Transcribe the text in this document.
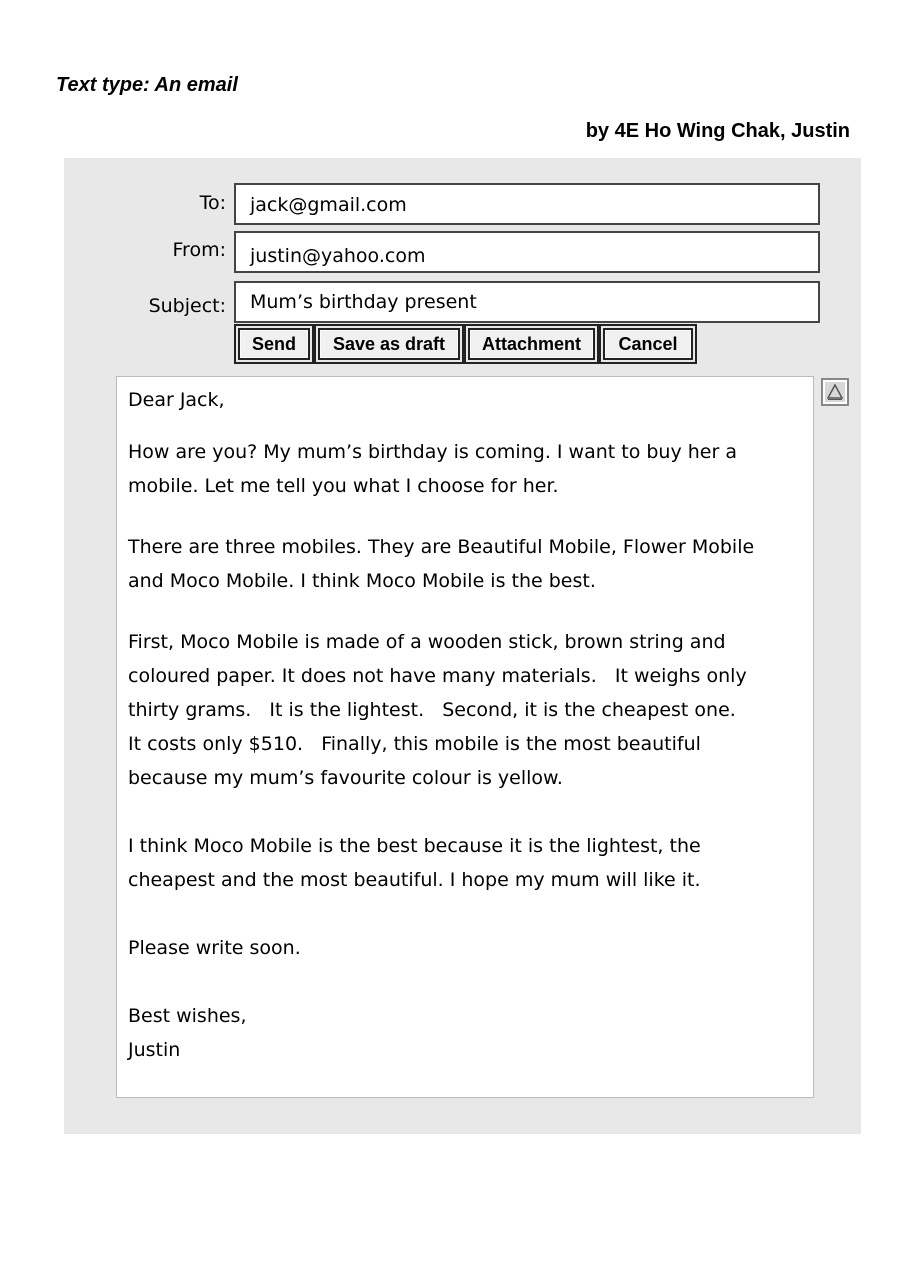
Text type: An email
by 4E Ho Wing Chak, Justin
To:	jack@gmail.com
From:	justin@yahoo.com
Subject:	Mum’s birthday present
Send	Save as draft	Attachment	Cancel

Dear Jack,

How are you? My mum’s birthday is coming. I want to buy her a

mobile. Let me tell you what I choose for her.

There are three mobiles. They are Beautiful Mobile, Flower Mobile

and Moco Mobile. I think Moco Mobile is the best.

First, Moco Mobile is made of a wooden stick, brown string and

coloured paper. It does not have many materials.   It weighs only

thirty grams.   It is the lightest.   Second, it is the cheapest one.

It costs only $510.   Finally, this mobile is the most beautiful

because my mum’s favourite colour is yellow.

I think Moco Mobile is the best because it is the lightest, the

cheapest and the most beautiful. I hope my mum will like it.

Please write soon.

Best wishes,

Justin
